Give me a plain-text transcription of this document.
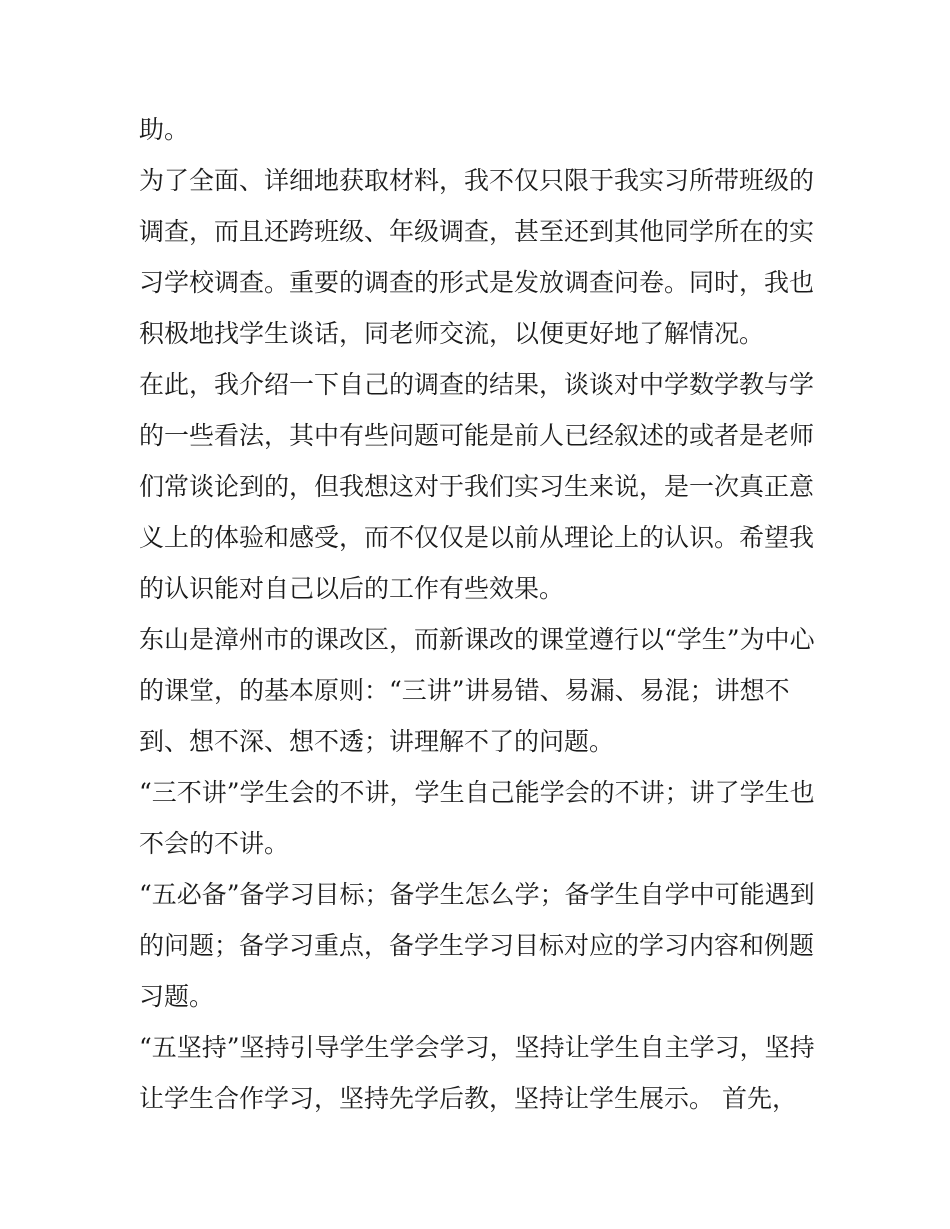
助。
为了全面、详细地获取材料，我不仅只限于我实习所带班级的
调查，而且还跨班级、年级调查，甚至还到其他同学所在的实
习学校调查。重要的调查的形式是发放调查问卷。同时，我也
积极地找学生谈话，同老师交流，以便更好地了解情况。
在此，我介绍一下自己的调查的结果，谈谈对中学数学教与学
的一些看法，其中有些问题可能是前人已经叙述的或者是老师
们常谈论到的，但我想这对于我们实习生来说，是一次真正意
义上的体验和感受，而不仅仅是以前从理论上的认识。希望我
的认识能对自己以后的工作有些效果。
东山是漳州市的课改区，而新课改的课堂遵行以“学生”为中心
的课堂，的基本原则：“三讲”讲易错、易漏、易混；讲想不
到、想不深、想不透；讲理解不了的问题。
“三不讲”学生会的不讲，学生自己能学会的不讲；讲了学生也
不会的不讲。
“五必备”备学习目标；备学生怎么学；备学生自学中可能遇到
的问题；备学习重点，备学生学习目标对应的学习内容和例题
习题。
“五坚持”坚持引导学生学会学习，坚持让学生自主学习，坚持
让学生合作学习，坚持先学后教，坚持让学生展示。 首先，
